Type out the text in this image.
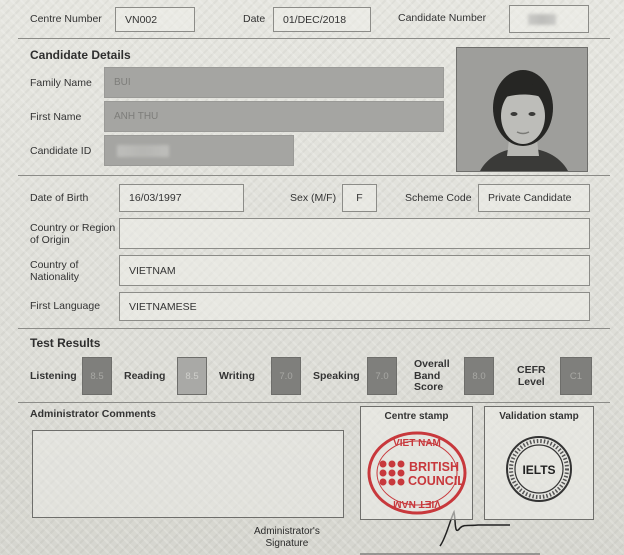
Centre Number VN002	Date 01/DEC/2018	Candidate Number
Candidate Details
Family Name BUI
First Name	ANH THU
Candidate ID
Date of Birth	16/03/1997	Sex (M/F) F	Scheme Code Private Candidate
Country or Region
of Origin
Country of
Nationality
VIETNAM
First Language	VIETNAMESE
Test Results
Listening 8.5 Reading 8.5 Writing	7.0 Speaking 7.0
Overall
Band
Score
8.0	CEFR
Level
C1
Administrator Comments
Administrator's
Signature
Centre stamp
BRITISH
COUNCIL
VIET NAM
VIET NAM
Validation stamp
IELTS
